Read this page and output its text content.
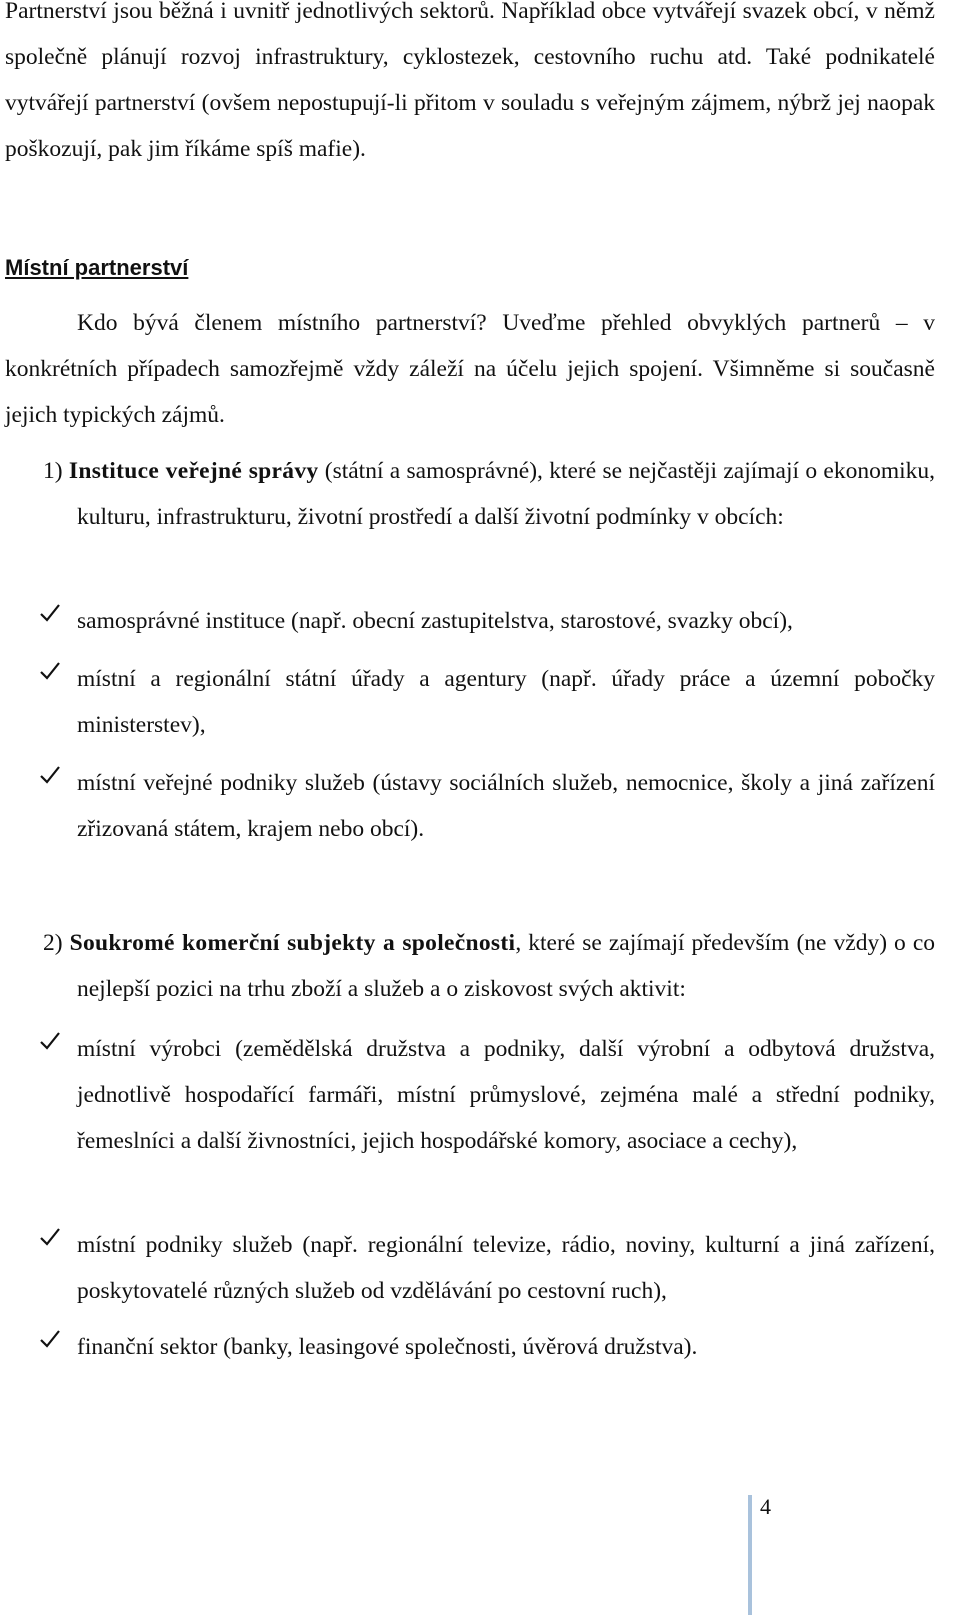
Partnerství jsou běžná i uvnitř jednotlivých sektorů. Například obce vytvářejí svazek obcí, v němž společně plánují rozvoj infrastruktury, cyklostezek, cestovního ruchu atd. Také podnikatelé vytvářejí partnerství (ovšem nepostupují-li přitom v souladu s veřejným zájmem, nýbrž jej naopak poškozují, pak jim říkáme spíš mafie).

Místní partnerství

Kdo bývá členem místního partnerství? Uveďme přehled obvyklých partnerů – v konkrétních případech samozřejmě vždy záleží na účelu jejich spojení. Všimněme si současně jejich typických zájmů.

1) Instituce veřejné správy (státní a samosprávné), které se nejčastěji zajímají o ekonomiku, kulturu, infrastrukturu, životní prostředí a další životní podmínky v obcích:

samosprávné instituce (např. obecní zastupitelstva, starostové, svazky obcí),
místní a regionální státní úřady a agentury (např. úřady práce a územní pobočky ministerstev),
místní veřejné podniky služeb (ústavy sociálních služeb, nemocnice, školy a jiná zařízení zřizovaná státem, krajem nebo obcí).

2) Soukromé komerční subjekty a společnosti, které se zajímají především (ne vždy) o co nejlepší pozici na trhu zboží a služeb a o ziskovost svých aktivit:

místní výrobci (zemědělská družstva a podniky, další výrobní a odbytová družstva, jednotlivě hospodařící farmáři, místní průmyslové, zejména malé a střední podniky, řemeslníci a další živnostníci, jejich hospodářské komory, asociace a cechy),
místní podniky služeb (např. regionální televize, rádio, noviny, kulturní a jiná zařízení, poskytovatelé různých služeb od vzdělávání po cestovní ruch),
finanční sektor (banky, leasingové společnosti, úvěrová družstva).
4
